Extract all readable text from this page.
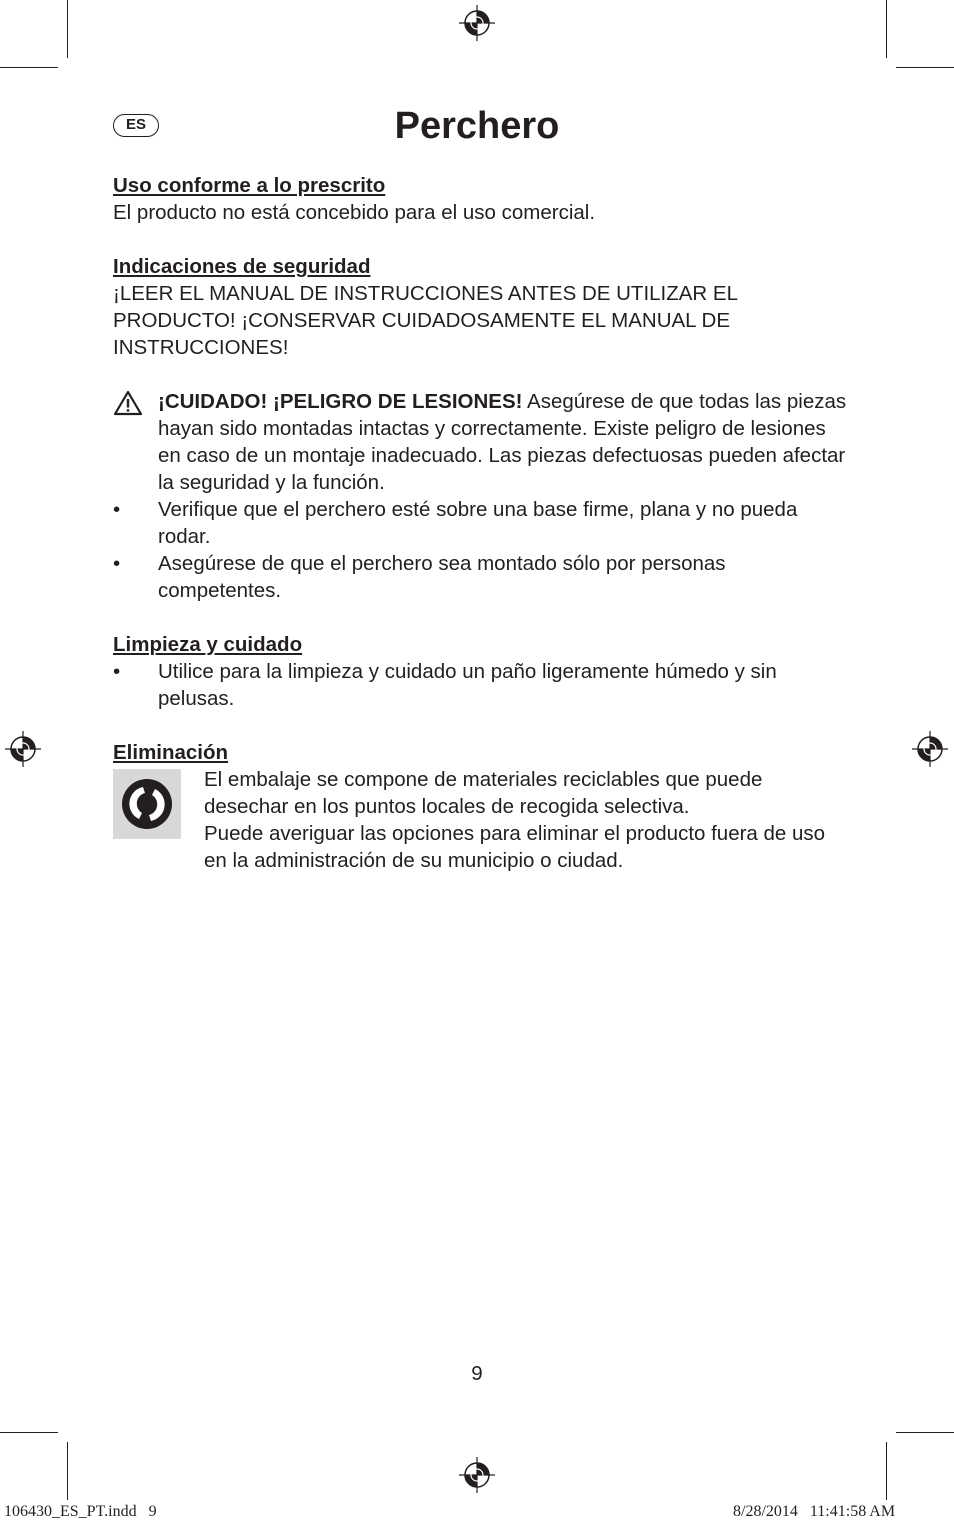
ES	Perchero
Uso conforme a lo prescrito
El producto no está concebido para el uso comercial.
Indicaciones de seguridad
¡LEER EL MANUAL DE INSTRUCCIONES ANTES DE UTILIZAR EL PRODUCTO! ¡CONSERVAR CUIDADOSAMENTE EL MANUAL DE INSTRUCCIONES!
¡CUIDADO! ¡PELIGRO DE LESIONES! Asegúrese de que todas las piezas hayan sido montadas intactas y correctamente. Existe peligro de lesiones en caso de un montaje inadecuado. Las piezas defectuosas pueden afectar la seguridad y la función.
• Verifique que el perchero esté sobre una base firme, plana y no pueda rodar.
• Asegúrese de que el perchero sea montado sólo por personas competentes.
Limpieza y cuidado
• Utilice para la limpieza y cuidado un paño ligeramente húmedo y sin pelusas.
Eliminación
El embalaje se compone de materiales reciclables que puede desechar en los puntos locales de recogida selectiva.
Puede averiguar las opciones para eliminar el producto fuera de uso en la administración de su municipio o ciudad.
9
106430_ES_PT.indd   9	8/28/2014   11:41:58 AM
